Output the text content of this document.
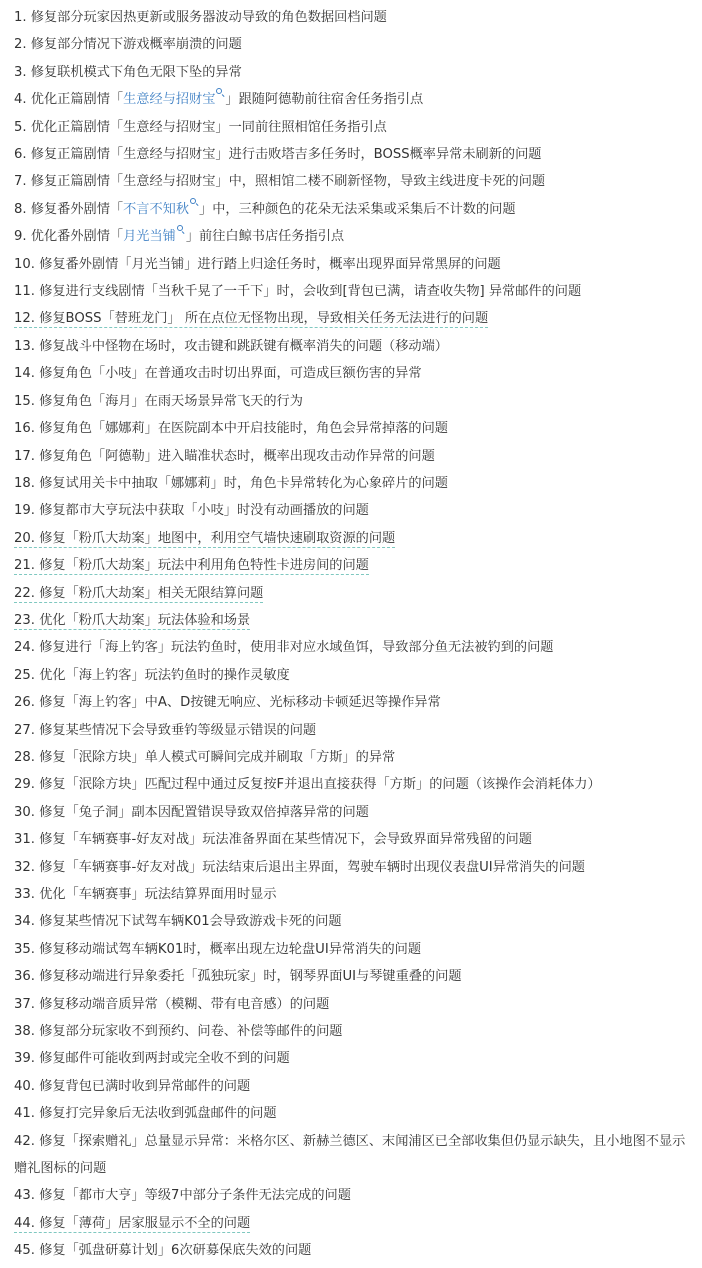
1. 修复部分玩家因热更新或服务器波动导致的角色数据回档问题
2. 修复部分情况下游戏概率崩溃的问题
3. 修复联机模式下角色无限下坠的异常
4. 优化正篇剧情「生意经与招财宝 」跟随阿德勒前往宿舍任务指引点
5. 优化正篇剧情「生意经与招财宝」一同前往照相馆任务指引点
6. 修复正篇剧情「生意经与招财宝」进行击败塔吉多任务时，BOSS概率异常未刷新的问题
7. 修复正篇剧情「生意经与招财宝」中，照相馆二楼不刷新怪物，导致主线进度卡死的问题
8. 修复番外剧情「不言不知秋 」中，三种颜色的花朵无法采集或采集后不计数的问题
9. 优化番外剧情「月光当铺 」前往白鲸书店任务指引点
10. 修复番外剧情「月光当铺」进行踏上归途任务时，概率出现界面异常黑屏的问题
11. 修复进行支线剧情「当秋千晃了一千下」时，会收到[背包已满，请查收失物] 异常邮件的问题
12. 修复BOSS「替班龙门」 所在点位无怪物出现，导致相关任务无法进行的问题
13. 修复战斗中怪物在场时，攻击键和跳跃键有概率消失的问题（移动端）
14. 修复角色「小吱」在普通攻击时切出界面，可造成巨额伤害的异常
15. 修复角色「海月」在雨天场景异常飞天的行为
16. 修复角色「娜娜莉」在医院副本中开启技能时，角色会异常掉落的问题
17. 修复角色「阿德勒」进入瞄准状态时，概率出现攻击动作异常的问题
18. 修复试用关卡中抽取「娜娜莉」时，角色卡异常转化为心象碎片的问题
19. 修复都市大亨玩法中获取「小吱」时没有动画播放的问题
20. 修复「粉爪大劫案」地图中，利用空气墙快速刷取资源的问题
21. 修复「粉爪大劫案」玩法中利用角色特性卡进房间的问题
22. 修复「粉爪大劫案」相关无限结算问题
23. 优化「粉爪大劫案」玩法体验和场景
24. 修复进行「海上钓客」玩法钓鱼时，使用非对应水域鱼饵，导致部分鱼无法被钓到的问题
25. 优化「海上钓客」玩法钓鱼时的操作灵敏度
26. 修复「海上钓客」中A、D按键无响应、光标移动卡顿延迟等操作异常
27. 修复某些情况下会导致垂钓等级显示错误的问题
28. 修复「泯除方块」单人模式可瞬间完成并刷取「方斯」的异常
29. 修复「泯除方块」匹配过程中通过反复按F并退出直接获得「方斯」的问题（该操作会消耗体力）
30. 修复「兔子洞」副本因配置错误导致双倍掉落异常的问题
31. 修复「车辆赛事-好友对战」玩法准备界面在某些情况下，会导致界面异常残留的问题
32. 修复「车辆赛事-好友对战」玩法结束后退出主界面，驾驶车辆时出现仪表盘UI异常消失的问题
33. 优化「车辆赛事」玩法结算界面用时显示
34. 修复某些情况下试驾车辆K01会导致游戏卡死的问题
35. 修复移动端试驾车辆K01时，概率出现左边轮盘UI异常消失的问题
36. 修复移动端进行异象委托「孤独玩家」时，钢琴界面UI与琴键重叠的问题
37. 修复移动端音质异常（模糊、带有电音感）的问题
38. 修复部分玩家收不到预约、问卷、补偿等邮件的问题
39. 修复邮件可能收到两封或完全收不到的问题
40. 修复背包已满时收到异常邮件的问题
41. 修复打完异象后无法收到弧盘邮件的问题
42. 修复「探索赠礼」总量显示异常：米格尔区、新赫兰德区、末闻浦区已全部收集但仍显示缺失，且小地图不显示赠礼图标的问题
43. 修复「都市大亨」等级7中部分子条件无法完成的问题
44. 修复「薄荷」居家服显示不全的问题
45. 修复「弧盘研募计划」6次研募保底失效的问题
